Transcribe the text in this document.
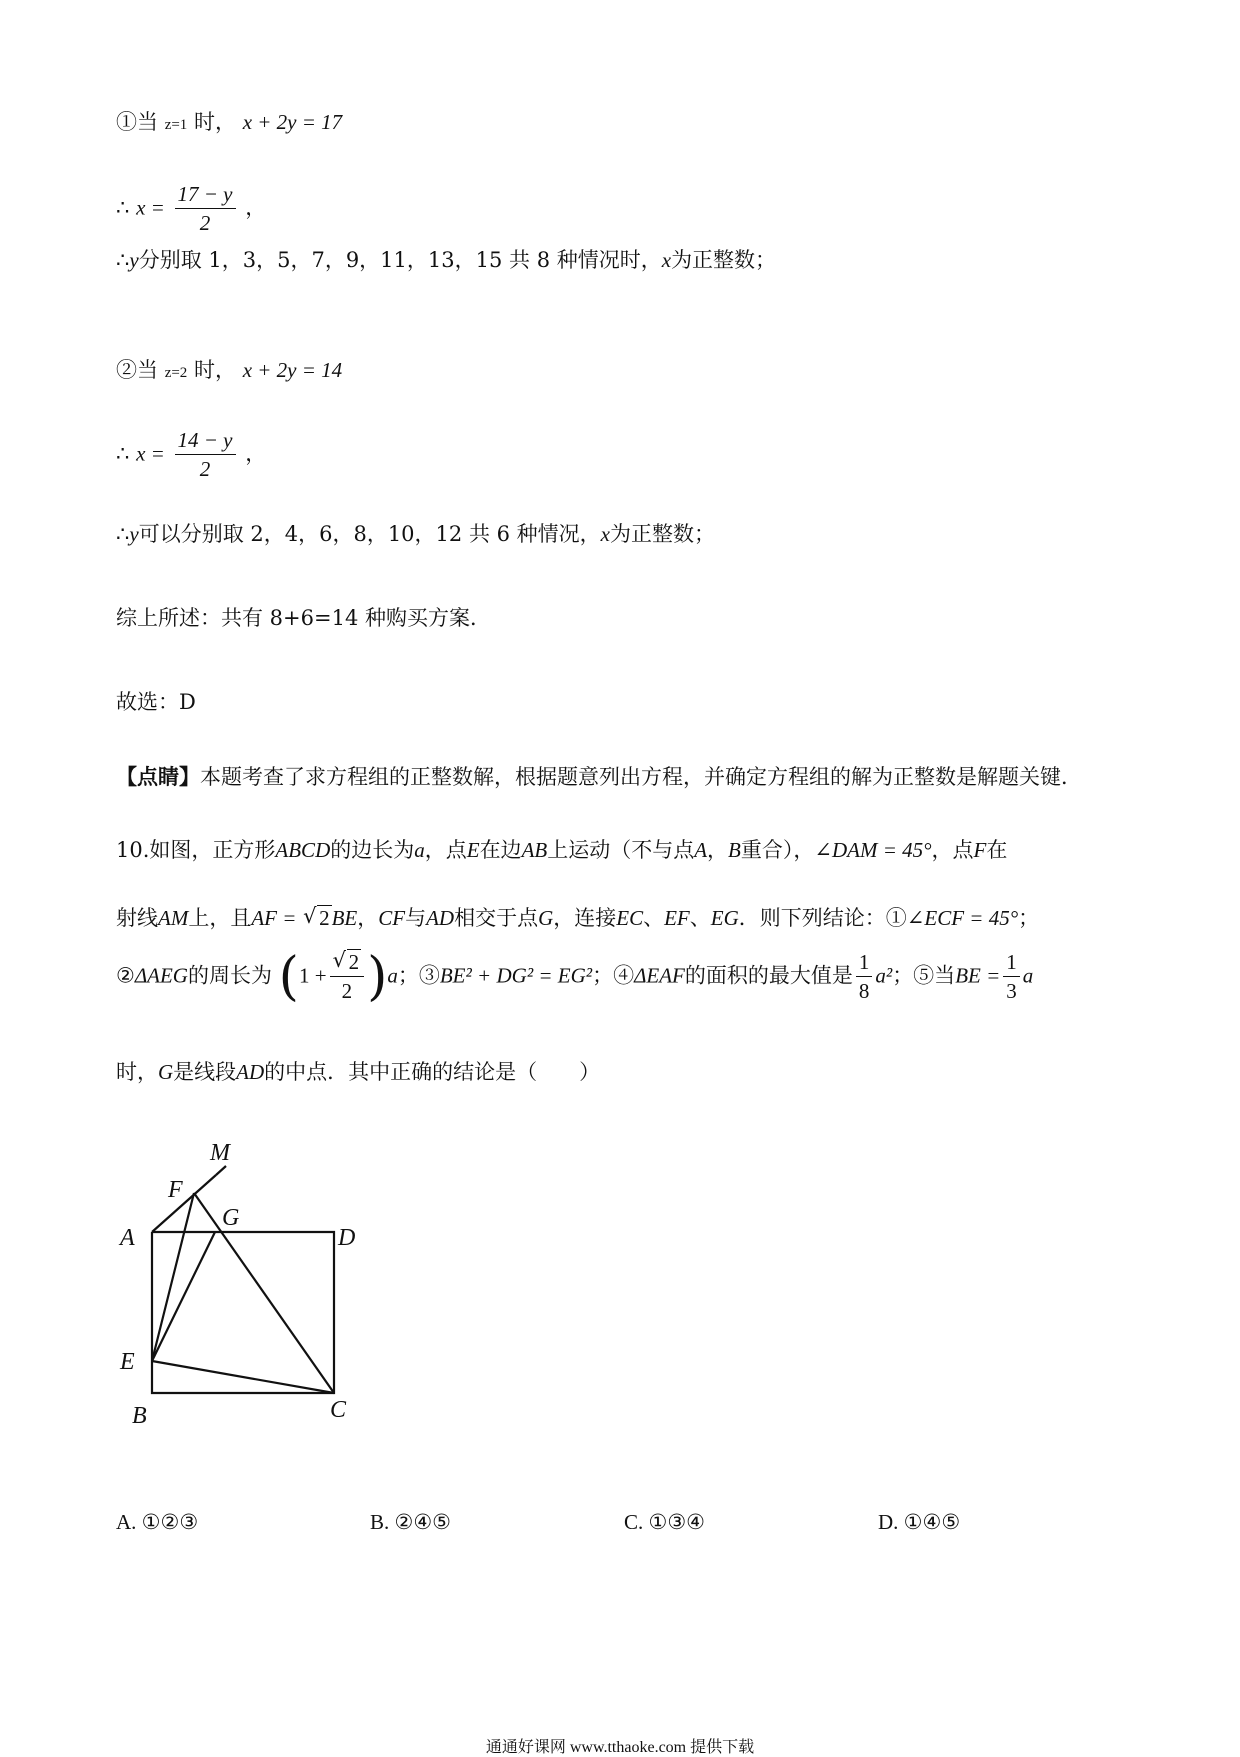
①当 z=1 时， x + 2y = 17
∴ $x = \frac{17 - y}{2}$ ，
∴y分别取 1，3，5，7，9，11，13，15 共 8 种情况时，x为正整数；
②当 z=2 时， x + 2y = 14
∴ $x = \frac{14 - y}{2}$ ，
∴y可以分别取 2，4，6，8，10，12 共 6 种情况，x为正整数；
综上所述：共有 8+6=14 种购买方案．
故选：D
【点睛】本题考查了求方程组的正整数解，根据题意列出方程，并确定方程组的解为正整数是解题关键．
10.如图，正方形ABCD的边长为a，点E在边AB上运动（不与点A，B重合），∠DAM = 45°，点F在
射线AM上，且AF = √ 2BE，CF与AD相交于点G，连接EC、EF、EG．则下列结论：①∠ECF = 45°；
②ΔAEG的周长为 $(1 + \frac{√ 2}{2} )a$；③BE² + DG² = EG²；④ΔEAF的面积的最大值是 $\frac{1}{8} a^2$；⑤当BE = $\frac{1}{3}$ a
时，G是线段AD的中点．其中正确的结论是（　　）
M
F
A
G
D
E
B	C
A. ①②③	B. ②④⑤	C. ①③④	D. ①④⑤
通通好课网 www.tthaoke.com 提供下载
